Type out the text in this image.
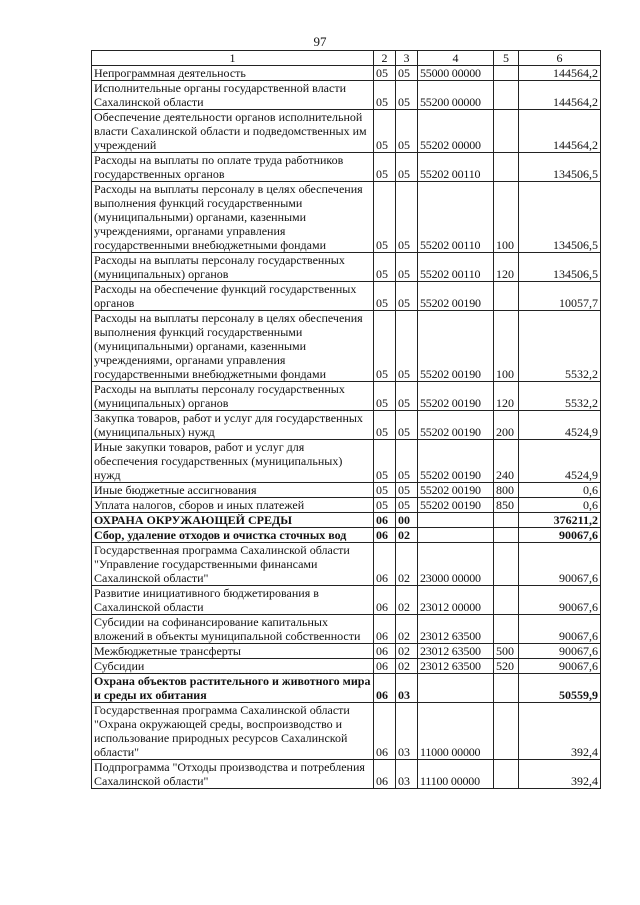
97
1	2	3	4	5	6
Непрограммная деятельность	05	05	55000 00000		144564,2
Исполнительные органы государственной власти Сахалинской области	05	05	55200 00000		144564,2
Обеспечение деятельности органов исполнительной власти Сахалинской области и подведомственных им учреждений	05	05	55202 00000		144564,2
Расходы на выплаты по оплате труда работников государственных органов	05	05	55202 00110		134506,5
Расходы на выплаты персоналу в целях обеспечения выполнения функций государственными (муниципальными) органами, казенными учреждениями, органами управления государственными внебюджетными фондами	05	05	55202 00110	100	134506,5
Расходы на выплаты персоналу государственных (муниципальных) органов	05	05	55202 00110	120	134506,5
Расходы на обеспечение функций государственных органов	05	05	55202 00190		10057,7
Расходы на выплаты персоналу в целях обеспечения выполнения функций государственными (муниципальными) органами, казенными учреждениями, органами управления государственными внебюджетными фондами	05	05	55202 00190	100	5532,2
Расходы на выплаты персоналу государственных (муниципальных) органов	05	05	55202 00190	120	5532,2
Закупка товаров, работ и услуг для государственных (муниципальных) нужд	05	05	55202 00190	200	4524,9
Иные закупки товаров, работ и услуг для обеспечения государственных (муниципальных) нужд	05	05	55202 00190	240	4524,9
Иные бюджетные ассигнования	05	05	55202 00190	800	0,6
Уплата налогов, сборов и иных платежей	05	05	55202 00190	850	0,6
ОХРАНА ОКРУЖАЮЩЕЙ СРЕДЫ	06	00			376211,2
Сбор, удаление отходов и очистка сточных вод	06	02			90067,6
Государственная программа Сахалинской области "Управление государственными финансами Сахалинской области"	06	02	23000 00000		90067,6
Развитие инициативного бюджетирования в Сахалинской области	06	02	23012 00000		90067,6
Субсидии на софинансирование капитальных вложений в объекты муниципальной собственности	06	02	23012 63500		90067,6
Межбюджетные трансферты	06	02	23012 63500	500	90067,6
Субсидии	06	02	23012 63500	520	90067,6
Охрана объектов растительного и животного мира и среды их обитания	06	03			50559,9
Государственная программа Сахалинской области "Охрана окружающей среды, воспроизводство и использование природных ресурсов Сахалинской области"	06	03	11000 00000		392,4
Подпрограмма "Отходы производства и потребления Сахалинской области"	06	03	11100 00000		392,4
